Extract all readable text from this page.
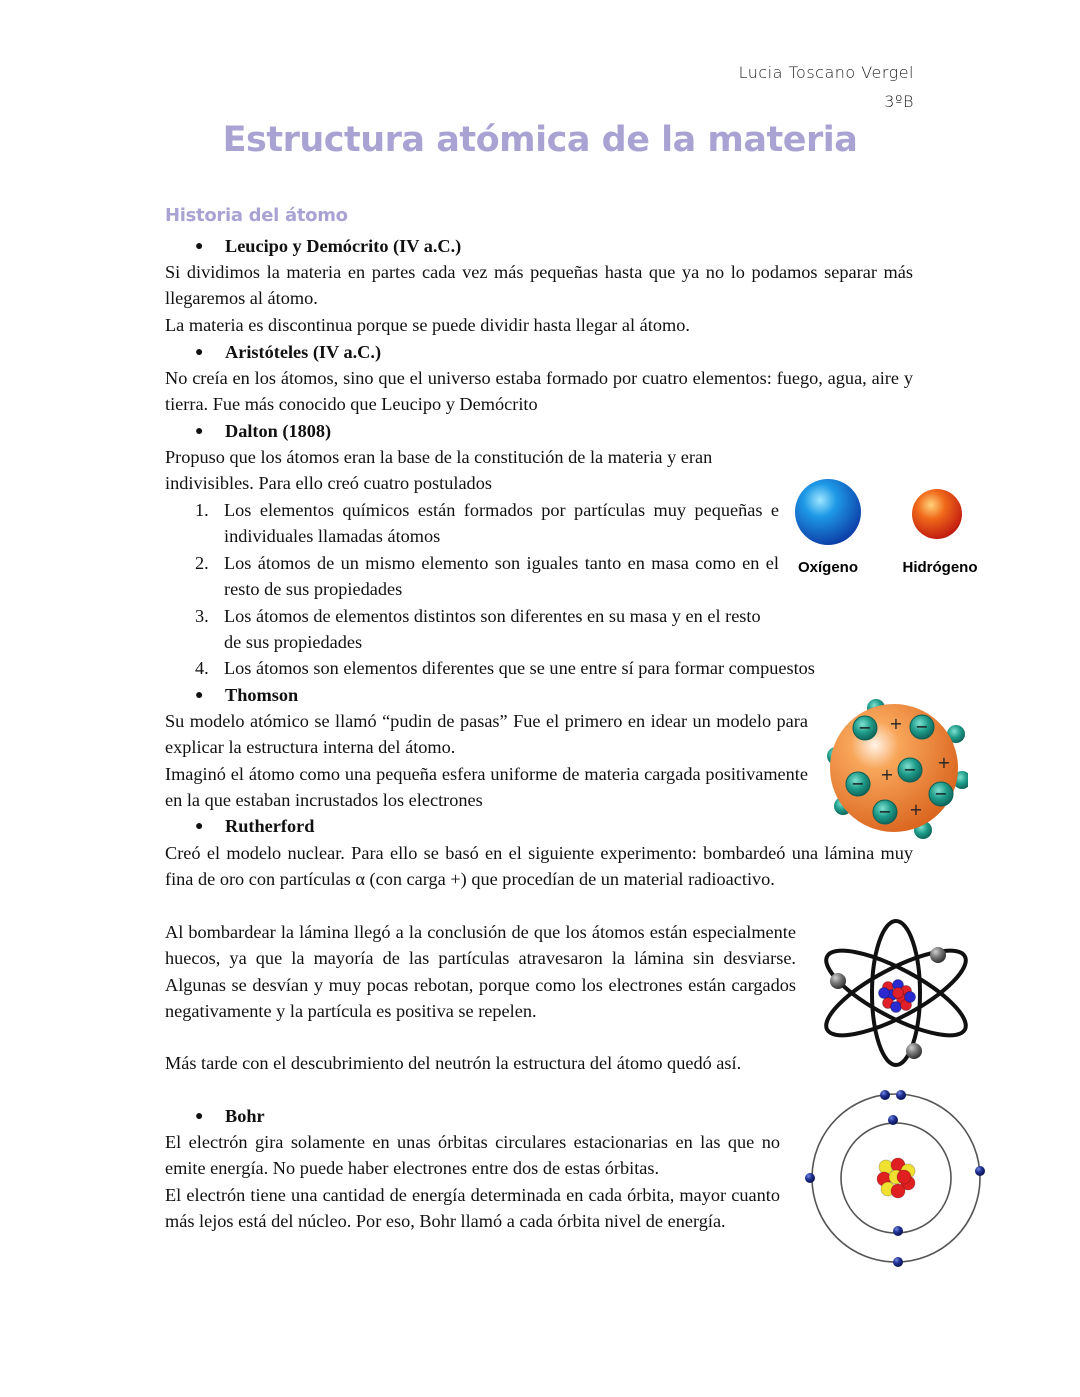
Lucia Toscano Vergel
3ºB
Estructura atómica de la materia
Historia del átomo
● Leucipo y Demócrito (IV a.C.)
Si dividimos la materia en partes cada vez más pequeñas hasta que ya no lo podamos separar más llegaremos al átomo.
La materia es discontinua porque se puede dividir hasta llegar al átomo.
● Aristóteles (IV a.C.)
No creía en los átomos, sino que el universo estaba formado por cuatro elementos: fuego, agua, aire y tierra. Fue más conocido que Leucipo y Demócrito
● Dalton (1808)
Propuso que los átomos eran la base de la constitución de la materia y eran indivisibles. Para ello creó cuatro postulados
1. Los elementos químicos están formados por partículas muy pequeñas e individuales llamadas átomos
2. Los átomos de un mismo elemento son iguales tanto en masa como en el resto de sus propiedades
3. Los átomos de elementos distintos son diferentes en su masa y en el resto de sus propiedades
4. Los átomos son elementos diferentes que se une entre sí para formar compuestos
Oxígeno	Hidrógeno
● Thomson
Su modelo atómico se llamó “pudin de pasas” Fue el primero en idear un modelo para explicar la estructura interna del átomo.
Imaginó el átomo como una pequeña esfera uniforme de materia cargada positivamente en la que estaban incrustados los electrones
−	−
−
−
−
−
+
+
+
+
● Rutherford
Creó el modelo nuclear. Para ello se basó en el siguiente experimento: bombardeó una lámina muy fina de oro con partículas α (con carga +) que procedían de un material radioactivo.
Al bombardear la lámina llegó a la conclusión de que los átomos están especialmente huecos, ya que la mayoría de las partículas atravesaron la lámina sin desviarse. Algunas se desvían y muy pocas rebotan, porque como los electrones están cargados negativamente y la partícula es positiva se repelen.
Más tarde con el descubrimiento del neutrón la estructura del átomo quedó así.
● Bohr
El electrón gira solamente en unas órbitas circulares estacionarias en las que no emite energía. No puede haber electrones entre dos de estas órbitas.
El electrón tiene una cantidad de energía determinada en cada órbita, mayor cuanto más lejos está del núcleo. Por eso, Bohr llamó a cada órbita nivel de energía.
